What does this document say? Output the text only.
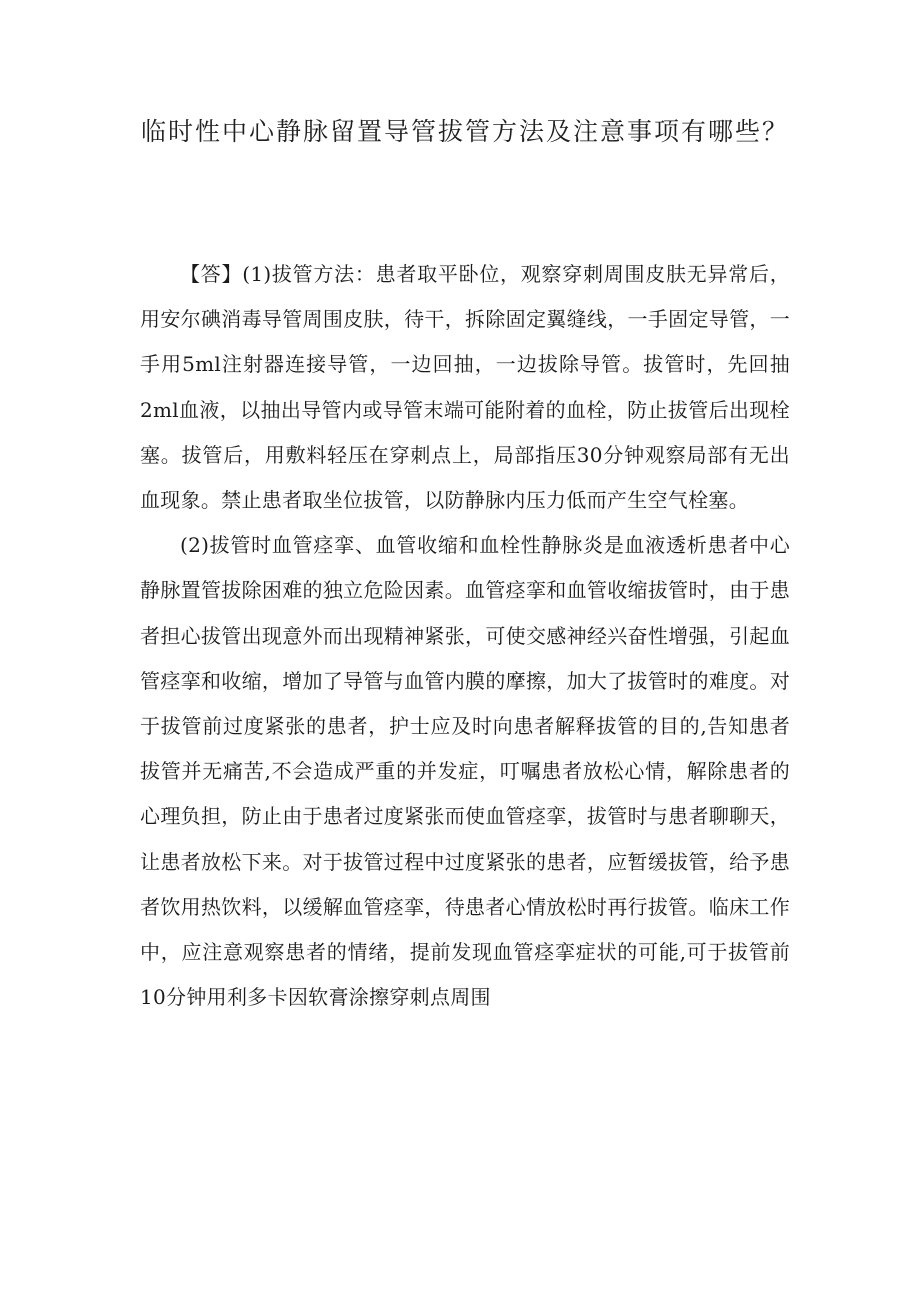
临时性中心静脉留置导管拔管方法及注意事项有哪些？

【答】(1)拔管方法：患者取平卧位，观察穿刺周围皮肤无异常后，用安尔碘消毒导管周围皮肤，待干，拆除固定翼缝线，一手固定导管，一手用5ml注射器连接导管，一边回抽，一边拔除导管。拔管时，先回抽2ml血液，以抽出导管内或导管末端可能附着的血栓，防止拔管后出现栓塞。拔管后，用敷料轻压在穿刺点上，局部指压30分钟观察局部有无出血现象。禁止患者取坐位拔管，以防静脉内压力低而产生空气栓塞。

(2)拔管时血管痉挛、血管收缩和血栓性静脉炎是血液透析患者中心静脉置管拔除困难的独立危险因素。血管痉挛和血管收缩拔管时，由于患者担心拔管出现意外而出现精神紧张，可使交感神经兴奋性增强，引起血管痉挛和收缩，增加了导管与血管内膜的摩擦，加大了拔管时的难度。对于拔管前过度紧张的患者，护士应及时向患者解释拔管的目的,告知患者拔管并无痛苦,不会造成严重的并发症，叮嘱患者放松心情，解除患者的心理负担，防止由于患者过度紧张而使血管痉挛，拔管时与患者聊聊天，让患者放松下来。对于拔管过程中过度紧张的患者，应暂缓拔管，给予患者饮用热饮料，以缓解血管痉挛，待患者心情放松时再行拔管。临床工作中，应注意观察患者的情绪，提前发现血管痉挛症状的可能,可于拔管前10分钟用利多卡因软膏涂擦穿刺点周围
